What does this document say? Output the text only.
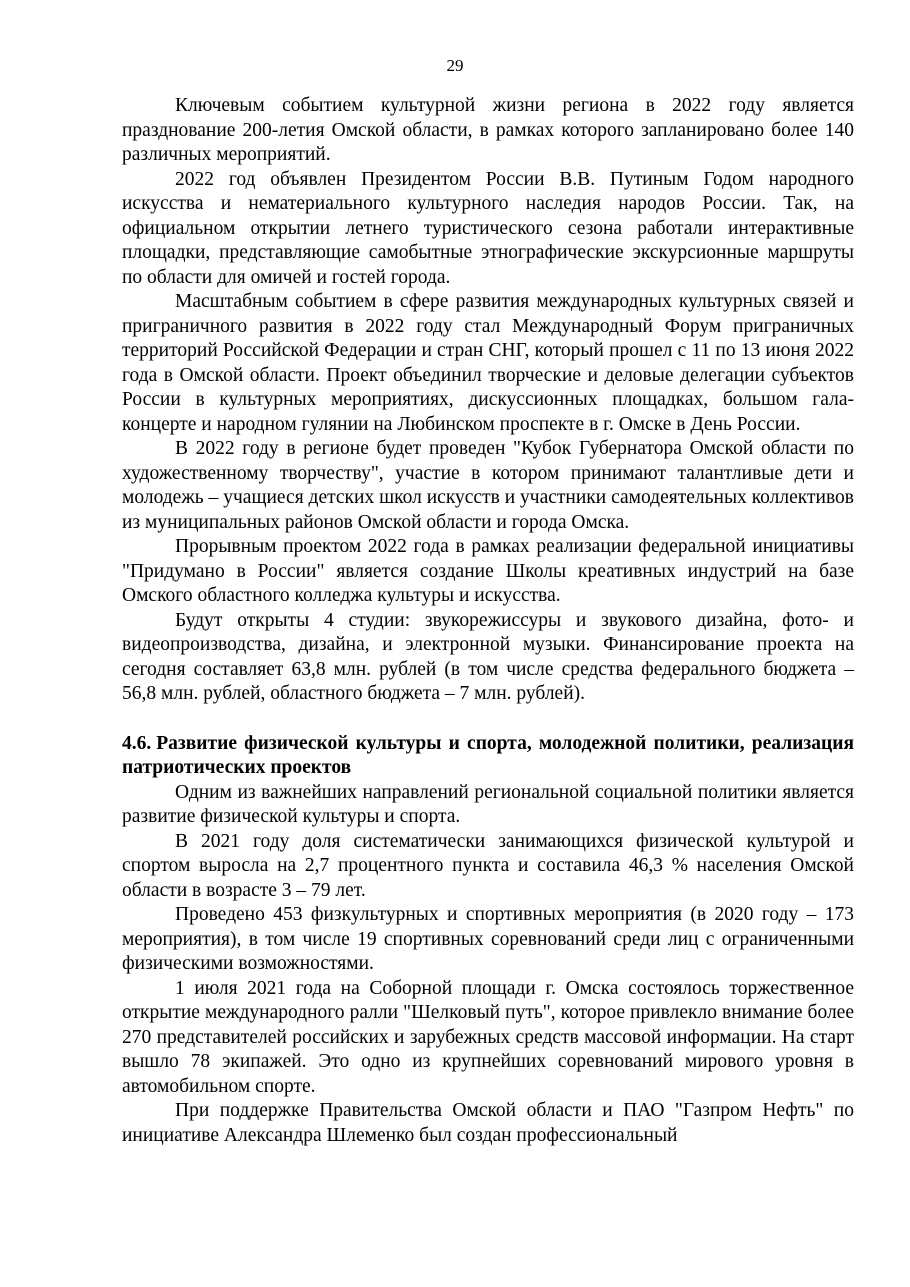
29

Ключевым событием культурной жизни региона в 2022 году является празднование 200-летия Омской области, в рамках которого запланировано более 140 различных мероприятий.

2022 год объявлен Президентом России В.В. Путиным Годом народного искусства и нематериального культурного наследия народов России. Так, на официальном открытии летнего туристического сезона работали интерактивные площадки, представляющие самобытные этнографические экскурсионные маршруты по области для омичей и гостей города.

Масштабным событием в сфере развития международных культурных связей и приграничного развития в 2022 году стал Международный Форум приграничных территорий Российской Федерации и стран СНГ, который прошел с 11 по 13 июня 2022 года в Омской области. Проект объединил творческие и деловые делегации субъектов России в культурных мероприятиях, дискуссионных площадках, большом гала-концерте и народном гулянии на Любинском проспекте в г. Омске в День России.

В 2022 году в регионе будет проведен "Кубок Губернатора Омской области по художественному творчеству", участие в котором принимают талантливые дети и молодежь – учащиеся детских школ искусств и участники самодеятельных коллективов из муниципальных районов Омской области и города Омска.

Прорывным проектом 2022 года в рамках реализации федеральной инициативы "Придумано в России" является создание Школы креативных индустрий на базе Омского областного колледжа культуры и искусства.

Будут открыты 4 студии: звукорежиссуры и звукового дизайна, фото- и видеопроизводства, дизайна, и электронной музыки. Финансирование проекта на сегодня составляет 63,8 млн. рублей (в том числе средства федерального бюджета – 56,8 млн. рублей, областного бюджета – 7 млн. рублей).

4.6. Развитие физической культуры и спорта, молодежной политики, реализация патриотических проектов

Одним из важнейших направлений региональной социальной политики является развитие физической культуры и спорта.

В 2021 году доля систематически занимающихся физической культурой и спортом выросла на 2,7 процентного пункта и составила 46,3 % населения Омской области в возрасте 3 – 79 лет.

Проведено 453 физкультурных и спортивных мероприятия (в 2020 году – 173 мероприятия), в том числе 19 спортивных соревнований среди лиц с ограниченными физическими возможностями.

1 июля 2021 года на Соборной площади г. Омска состоялось торжественное открытие международного ралли "Шелковый путь", которое привлекло внимание более 270 представителей российских и зарубежных средств массовой информации. На старт вышло 78 экипажей. Это одно из крупнейших соревнований мирового уровня в автомобильном спорте.

При поддержке Правительства Омской области и ПАО "Газпром Нефть" по инициативе Александра Шлеменко был создан профессиональный
